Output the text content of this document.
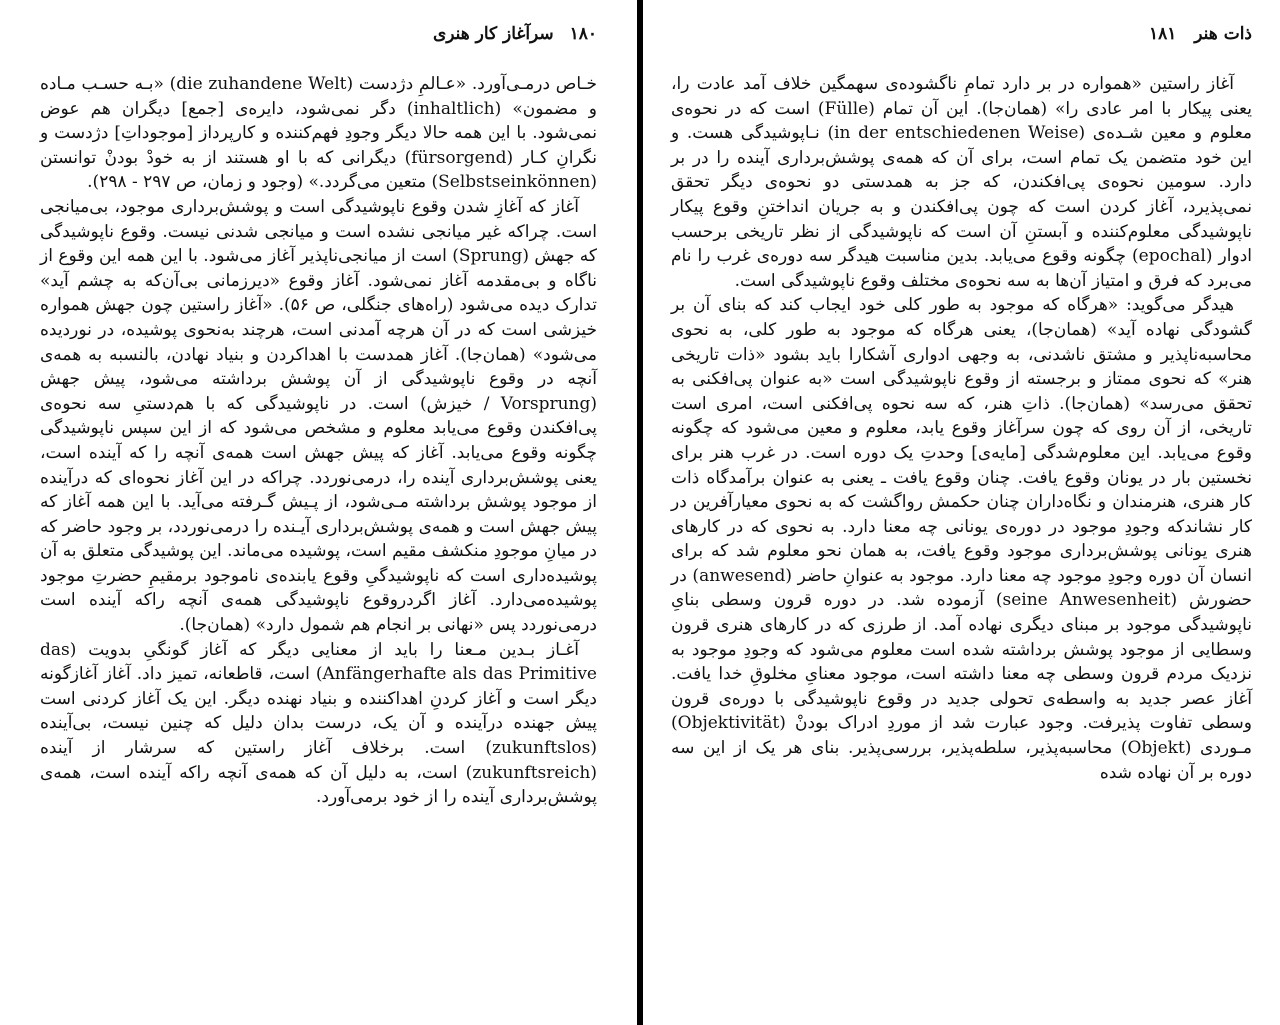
۱۸۰ سرآغاز کار هنری

خـاص درمـی‌آورد. «عـالمِ دژدست (die zuhandene Welt) «بـه حسـب مـاده و مضمون» (inhaltlich) دگر نمی‌شود، دایره‌ی [جمع] دیگران هم عوض نمی‌شود. با این همه حالا دیگر وجودِ فهم‌کننده و کارپرداز [موجوداتِ] دژدست و نگرانِ کـار (fürsorgend) دیگرانی که با او هستند از به خودْ بودنْ توانستن (Selbstseinkönnen) متعین می‌گردد.» (وجود و زمان، ص ۲۹۷ - ۲۹۸).

آغاز که آغازِ شدن وقوع ناپوشیدگی است و پوشش‌برداری موجود، بی‌میانجی است. چراکه غیر میانجی نشده است و میانجی شدنی نیست. وقوع ناپوشیدگی که جهش (Sprung) است از میانجی‌ناپذیر آغاز می‌شود. با این همه این وقوع از ناگاه و بی‌مقدمه آغاز نمی‌شود. آغاز وقوع «دیرزمانی بی‌آن‌که به چشم آید» تدارک دیده می‌شود (راه‌های جنگلی، ص ۵۶). «آغاز راستین چون جهش همواره خیزشی است که در آن هرچه آمدنی است، هرچند به‌نحوی پوشیده، در نوردیده می‌شود» (همان‌جا). آغاز همدست با اهداکردن و بنیاد نهادن، بالنسبه به همه‌ی آنچه در وقوع ناپوشیدگی از آن پوشش برداشته می‌شود، پیش جهش (Vorsprung / خیزش) است. در ناپوشیدگی که با هم‌دستیِ سه نحوه‌ی پی‌افکندن وقوع می‌یابد معلوم و مشخص می‌شود که از این سپس ناپوشیدگی چگونه وقوع می‌یابد. آغاز که پیش جهش است همه‌ی آنچه را که آینده است، یعنی پوشش‌برداری آینده را، درمی‌نوردد. چراکه در این آغاز نحوه‌ای که درآینده از موجود پوشش برداشته مـی‌شود، از پـیش گـرفته می‌آید. با این همه آغاز که پیش جهش است و همه‌ی پوشش‌برداری آیـنده را درمی‌نوردد، بر وجود حاضر که در میانِ موجودِ منکشف مقیم است، پوشیده می‌ماند. این پوشیدگی متعلق به آن پوشیده‌داری است که ناپوشیدگیِ وقوع یابنده‌ی ناموجود برمقیمِ حضرتِ موجود پوشیده‌می‌دارد. آغاز اگردروقوع ناپوشیدگی همه‌ی آنچه راکه آینده است درمی‌نوردد پس «نهانی بر انجام هم شمول دارد» (همان‌جا).

آغـاز بـدین مـعنا را باید از معنایی دیگر که آغاز گونگیِ بدویت (das Anfängerhafte als das Primitive) است، قاطعانه، تمیز داد. آغاز آغازگونه دیگر است و آغاز کردنِ اهداکننده و بنیاد نهنده دیگر. این یک آغاز کردنی است پیش جهنده درآینده و آن یک، درست بدان دلیل که چنین نیست، بی‌آینده (zukunftslos) است. برخلاف آغاز راستین که سرشار از آینده (zukunftsreich) است، به دلیل آن که همه‌ی آنچه راکه آینده است، همه‌ی پوشش‌برداری آینده را از خود برمی‌آورد.

ذات هنر ۱۸۱

آغاز راستین «همواره در بر دارد تمامِ ناگشوده‌ی سهمگین خلاف آمد عادت را، یعنی پیکار با امر عادی را» (همان‌جا). این آن تمام (Fülle) است که در نحوه‌ی معلوم و معین شـده‌ی (in der entschiedenen Weise) نـاپوشیدگی هست. و این خود متضمن یک تمام است، برای آن که همه‌ی پوشش‌برداری آینده را در بر دارد. سومین نحوه‌ی پی‌افکندن، که جز به همدستی دو نحوه‌ی دیگر تحقق نمی‌پذیرد، آغاز کردن است که چون پی‌افکندن و به جریان انداختنِ وقوع پیکار ناپوشیدگی معلوم‌کننده و آبستنِ آن است که ناپوشیدگی از نظر تاریخی برحسب ادوار (epochal) چگونه وقوع می‌یابد. بدین مناسبت هیدگر سه دوره‌ی غرب را نام می‌برد که فرق و امتیاز آن‌ها به سه نحوه‌ی مختلف وقوع ناپوشیدگی است.

هیدگر می‌گوید: «هرگاه که موجود به طور کلی خود ایجاب کند که بنای آن بر گشودگی نهاده آید» (همان‌جا)، یعنی هرگاه که موجود به طور کلی، به نحوی محاسبه‌ناپذیر و مشتق ناشدنی، به وجهی ادواری آشکارا باید بشود «ذات تاریخی هنر» که نحوی ممتاز و برجسته از وقوع ناپوشیدگی است «به عنوان پی‌افکنی به تحقق می‌رسد» (همان‌جا). ذاتِ هنر، که سه نحوه پی‌افکنی است، امری است تاریخی، از آن روی که چون سرآغاز وقوع یابد، معلوم و معین می‌شود که چگونه وقوع می‌یابد. این معلوم‌شدگی [مایه‌ی] وحدتِ یک دوره است. در غرب هنر برای نخستین بار در یونان وقوع یافت. چنان وقوع یافت ـ یعنی به عنوان برآمدگاه ذات کار هنری، هنرمندان و نگاه‌داران چنان حکمش رواگشت که به نحوی معیارآفرین در کار نشاندکه وجودِ موجود در دوره‌ی یونانی چه معنا دارد. به نحوی که در کارهای هنری یونانی پوشش‌برداری موجود وقوع یافت، به همان نحو معلوم شد که برای انسان آن دوره وجودِ موجود چه معنا دارد. موجود به عنوانِ حاضر (anwesend) در حضورش (seine Anwesenheit) آزموده شد. در دوره قرون وسطی بنایِ ناپوشیدگی موجود بر مبنای دیگری نهاده آمد. از طرزی که در کارهای هنری قرون وسطایی از موجود پوشش برداشته شده است معلوم می‌شود که وجودِ موجود به نزدیک مردم قرون وسطی چه معنا داشته است، موجود معنایِ مخلوقِ خدا یافت. آغاز عصر جدید به واسطه‌ی تحولی جدید در وقوع ناپوشیدگی با دوره‌ی قرون وسطی تفاوت پذیرفت. وجود عبارت شد از موردِ ادراک بودنْ (Objektivität) مـوردی (Objekt) محاسبه‌پذیر، سلطه‌پذیر، بررسی‌پذیر. بنای هر یک از این سه دوره بر آن نهاده شده
